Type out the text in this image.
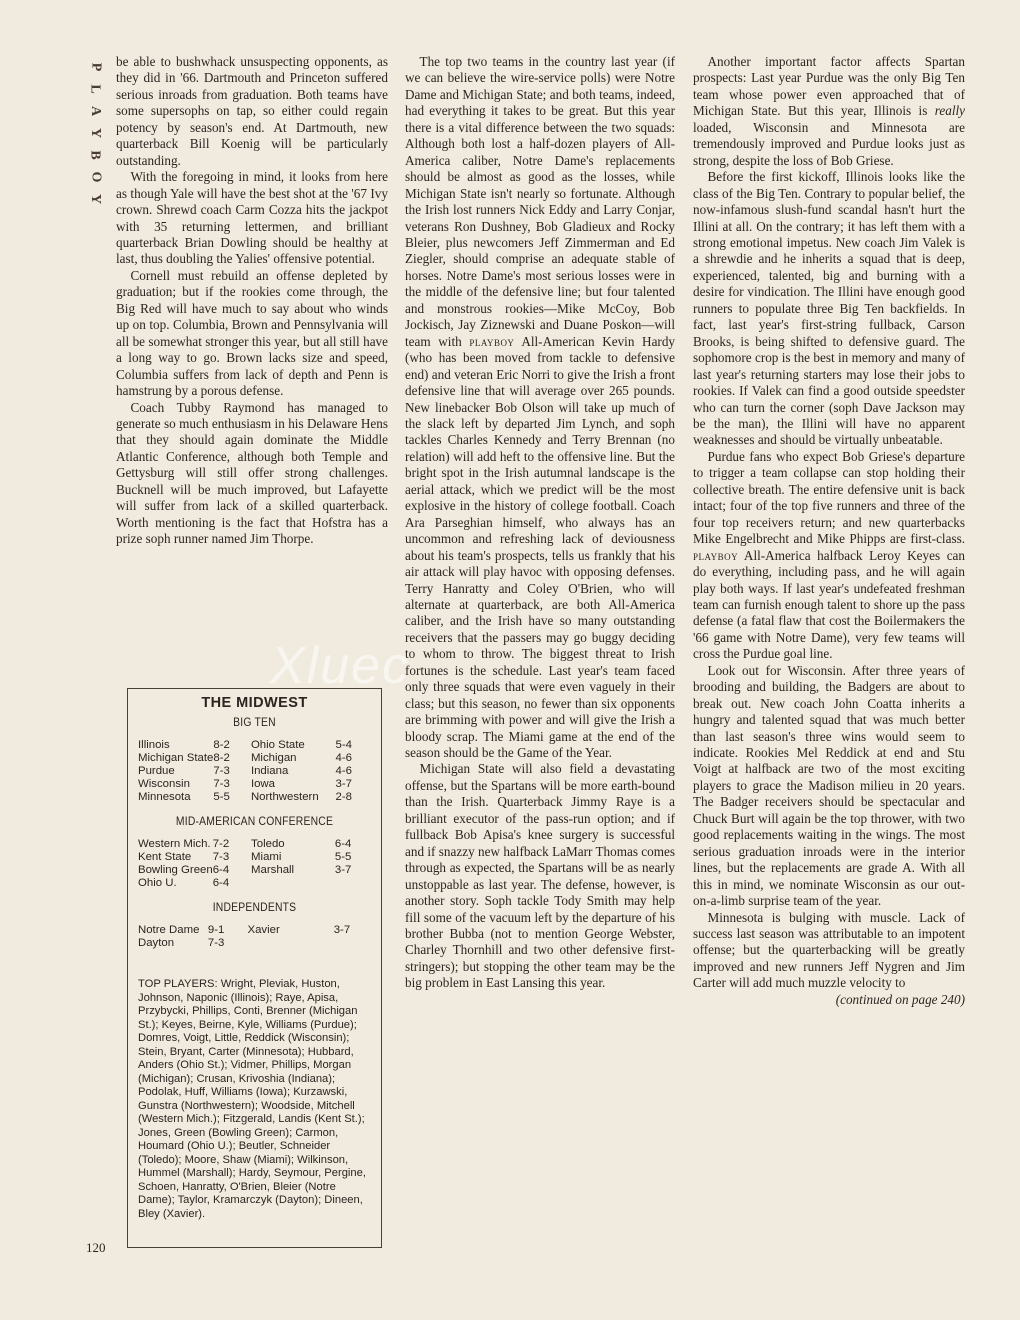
P
L
A
Y
B
O
Y

be able to bushwhack unsuspecting opponents, as they did in '66. Dartmouth and Princeton suffered serious inroads from graduation. Both teams have some supersophs on tap, so either could regain potency by season's end. At Dartmouth, new quarterback Bill Koenig will be particularly outstanding.

With the foregoing in mind, it looks from here as though Yale will have the best shot at the '67 Ivy crown. Shrewd coach Carm Cozza hits the jackpot with 35 returning lettermen, and brilliant quarterback Brian Dowling should be healthy at last, thus doubling the Yalies' offensive potential.

Cornell must rebuild an offense depleted by graduation; but if the rookies come through, the Big Red will have much to say about who winds up on top. Columbia, Brown and Pennsylvania will all be somewhat stronger this year, but all still have a long way to go. Brown lacks size and speed, Columbia suffers from lack of depth and Penn is hamstrung by a porous defense.

Coach Tubby Raymond has managed to generate so much enthusiasm in his Delaware Hens that they should again dominate the Middle Atlantic Conference, although both Temple and Gettysburg will still offer strong challenges. Bucknell will be much improved, but Lafayette will suffer from lack of a skilled quarterback. Worth mentioning is the fact that Hofstra has a prize soph runner named Jim Thorpe.

THE MIDWEST
BIG TEN
Illinois	8-2	Ohio State	5-4
Michigan State	8-2	Michigan	4-6
Purdue	7-3	Indiana	4-6
Wisconsin	7-3	Iowa	3-7
Minnesota	5-5	Northwestern	2-8
MID-AMERICAN CONFERENCE
Western Mich.	7-2	Toledo	6-4
Kent State	7-3	Miami	5-5
Bowling Green	6-4	Marshall	3-7
Ohio U.	6-4		
INDEPENDENTS
Notre Dame	9-1	Xavier	3-7
Dayton	7-3		
TOP PLAYERS: Wright, Pleviak, Huston, Johnson, Naponic (Illinois); Raye, Apisa, Przybycki, Phillips, Conti, Brenner (Michigan St.); Keyes, Beirne, Kyle, Williams (Purdue); Domres, Voigt, Little, Reddick (Wisconsin); Stein, Bryant, Carter (Minnesota); Hubbard, Anders (Ohio St.); Vidmer, Phillips, Morgan (Michigan); Crusan, Krivoshia (Indiana); Podolak, Huff, Williams (Iowa); Kurzawski, Gunstra (Northwestern); Woodside, Mitchell (Western Mich.); Fitzgerald, Landis (Kent St.); Jones, Green (Bowling Green); Carmon, Houmard (Ohio U.); Beutler, Schneider (Toledo); Moore, Shaw (Miami); Wilkinson, Hummel (Marshall); Hardy, Seymour, Pergine, Schoen, Hanratty, O'Brien, Bleier (Notre Dame); Taylor, Kramarczyk (Dayton); Dineen, Bley (Xavier).

The top two teams in the country last year (if we can believe the wire-service polls) were Notre Dame and Michigan State; and both teams, indeed, had everything it takes to be great. But this year there is a vital difference between the two squads: Although both lost a half-dozen players of All-America caliber, Notre Dame's replacements should be almost as good as the losses, while Michigan State isn't nearly so fortunate. Although the Irish lost runners Nick Eddy and Larry Conjar, veterans Ron Dushney, Bob Gladieux and Rocky Bleier, plus newcomers Jeff Zimmerman and Ed Ziegler, should comprise an adequate stable of horses. Notre Dame's most serious losses were in the middle of the defensive line; but four talented and monstrous rookies—Mike McCoy, Bob Jockisch, Jay Ziznewski and Duane Poskon—will team with playboy All-American Kevin Hardy (who has been moved from tackle to defensive end) and veteran Eric Norri to give the Irish a front defensive line that will average over 265 pounds. New linebacker Bob Olson will take up much of the slack left by departed Jim Lynch, and soph tackles Charles Kennedy and Terry Brennan (no relation) will add heft to the offensive line. But the bright spot in the Irish autumnal landscape is the aerial attack, which we predict will be the most explosive in the history of college football. Coach Ara Parseghian himself, who always has an uncommon and refreshing lack of deviousness about his team's prospects, tells us frankly that his air attack will play havoc with opposing defenses. Terry Hanratty and Coley O'Brien, who will alternate at quarterback, are both All-America caliber, and the Irish have so many outstanding receivers that the passers may go buggy deciding to whom to throw. The biggest threat to Irish fortunes is the schedule. Last year's team faced only three squads that were even vaguely in their class; but this season, no fewer than six opponents are brimming with power and will give the Irish a bloody scrap. The Miami game at the end of the season should be the Game of the Year.

Michigan State will also field a devastating offense, but the Spartans will be more earth-bound than the Irish. Quarterback Jimmy Raye is a brilliant executor of the pass-run option; and if fullback Bob Apisa's knee surgery is successful and if snazzy new halfback LaMarr Thomas comes through as expected, the Spartans will be as nearly unstoppable as last year. The defense, however, is another story. Soph tackle Tody Smith may help fill some of the vacuum left by the departure of his brother Bubba (not to mention George Webster, Charley Thornhill and two other defensive first-stringers); but stopping the other team may be the big problem in East Lansing this year.

Another important factor affects Spartan prospects: Last year Purdue was the only Big Ten team whose power even approached that of Michigan State. But this year, Illinois is really loaded, Wisconsin and Minnesota are tremendously improved and Purdue looks just as strong, despite the loss of Bob Griese.

Before the first kickoff, Illinois looks like the class of the Big Ten. Contrary to popular belief, the now-infamous slush-fund scandal hasn't hurt the Illini at all. On the contrary; it has left them with a strong emotional impetus. New coach Jim Valek is a shrewdie and he inherits a squad that is deep, experienced, talented, big and burning with a desire for vindication. The Illini have enough good runners to populate three Big Ten backfields. In fact, last year's first-string fullback, Carson Brooks, is being shifted to defensive guard. The sophomore crop is the best in memory and many of last year's returning starters may lose their jobs to rookies. If Valek can find a good outside speedster who can turn the corner (soph Dave Jackson may be the man), the Illini will have no apparent weaknesses and should be virtually unbeatable.

Purdue fans who expect Bob Griese's departure to trigger a team collapse can stop holding their collective breath. The entire defensive unit is back intact; four of the top five runners and three of the four top receivers return; and new quarterbacks Mike Engelbrecht and Mike Phipps are first-class. playboy All-America halfback Leroy Keyes can do everything, including pass, and he will again play both ways. If last year's undefeated freshman team can furnish enough talent to shore up the pass defense (a fatal flaw that cost the Boilermakers the '66 game with Notre Dame), very few teams will cross the Purdue goal line.

Look out for Wisconsin. After three years of brooding and building, the Badgers are about to break out. New coach John Coatta inherits a hungry and talented squad that was much better than last season's three wins would seem to indicate. Rookies Mel Reddick at end and Stu Voigt at halfback are two of the most exciting players to grace the Madison milieu in 20 years. The Badger receivers should be spectacular and Chuck Burt will again be the top thrower, with two good replacements waiting in the wings. The most serious graduation inroads were in the interior lines, but the replacements are grade A. With all this in mind, we nominate Wisconsin as our out-on-a-limb surprise team of the year.

Minnesota is bulging with muscle. Lack of success last season was attributable to an impotent offense; but the quarterbacking will be greatly improved and new runners Jeff Nygren and Jim Carter will add much muzzle velocity to

(continued on page 240)

Xluec
120
